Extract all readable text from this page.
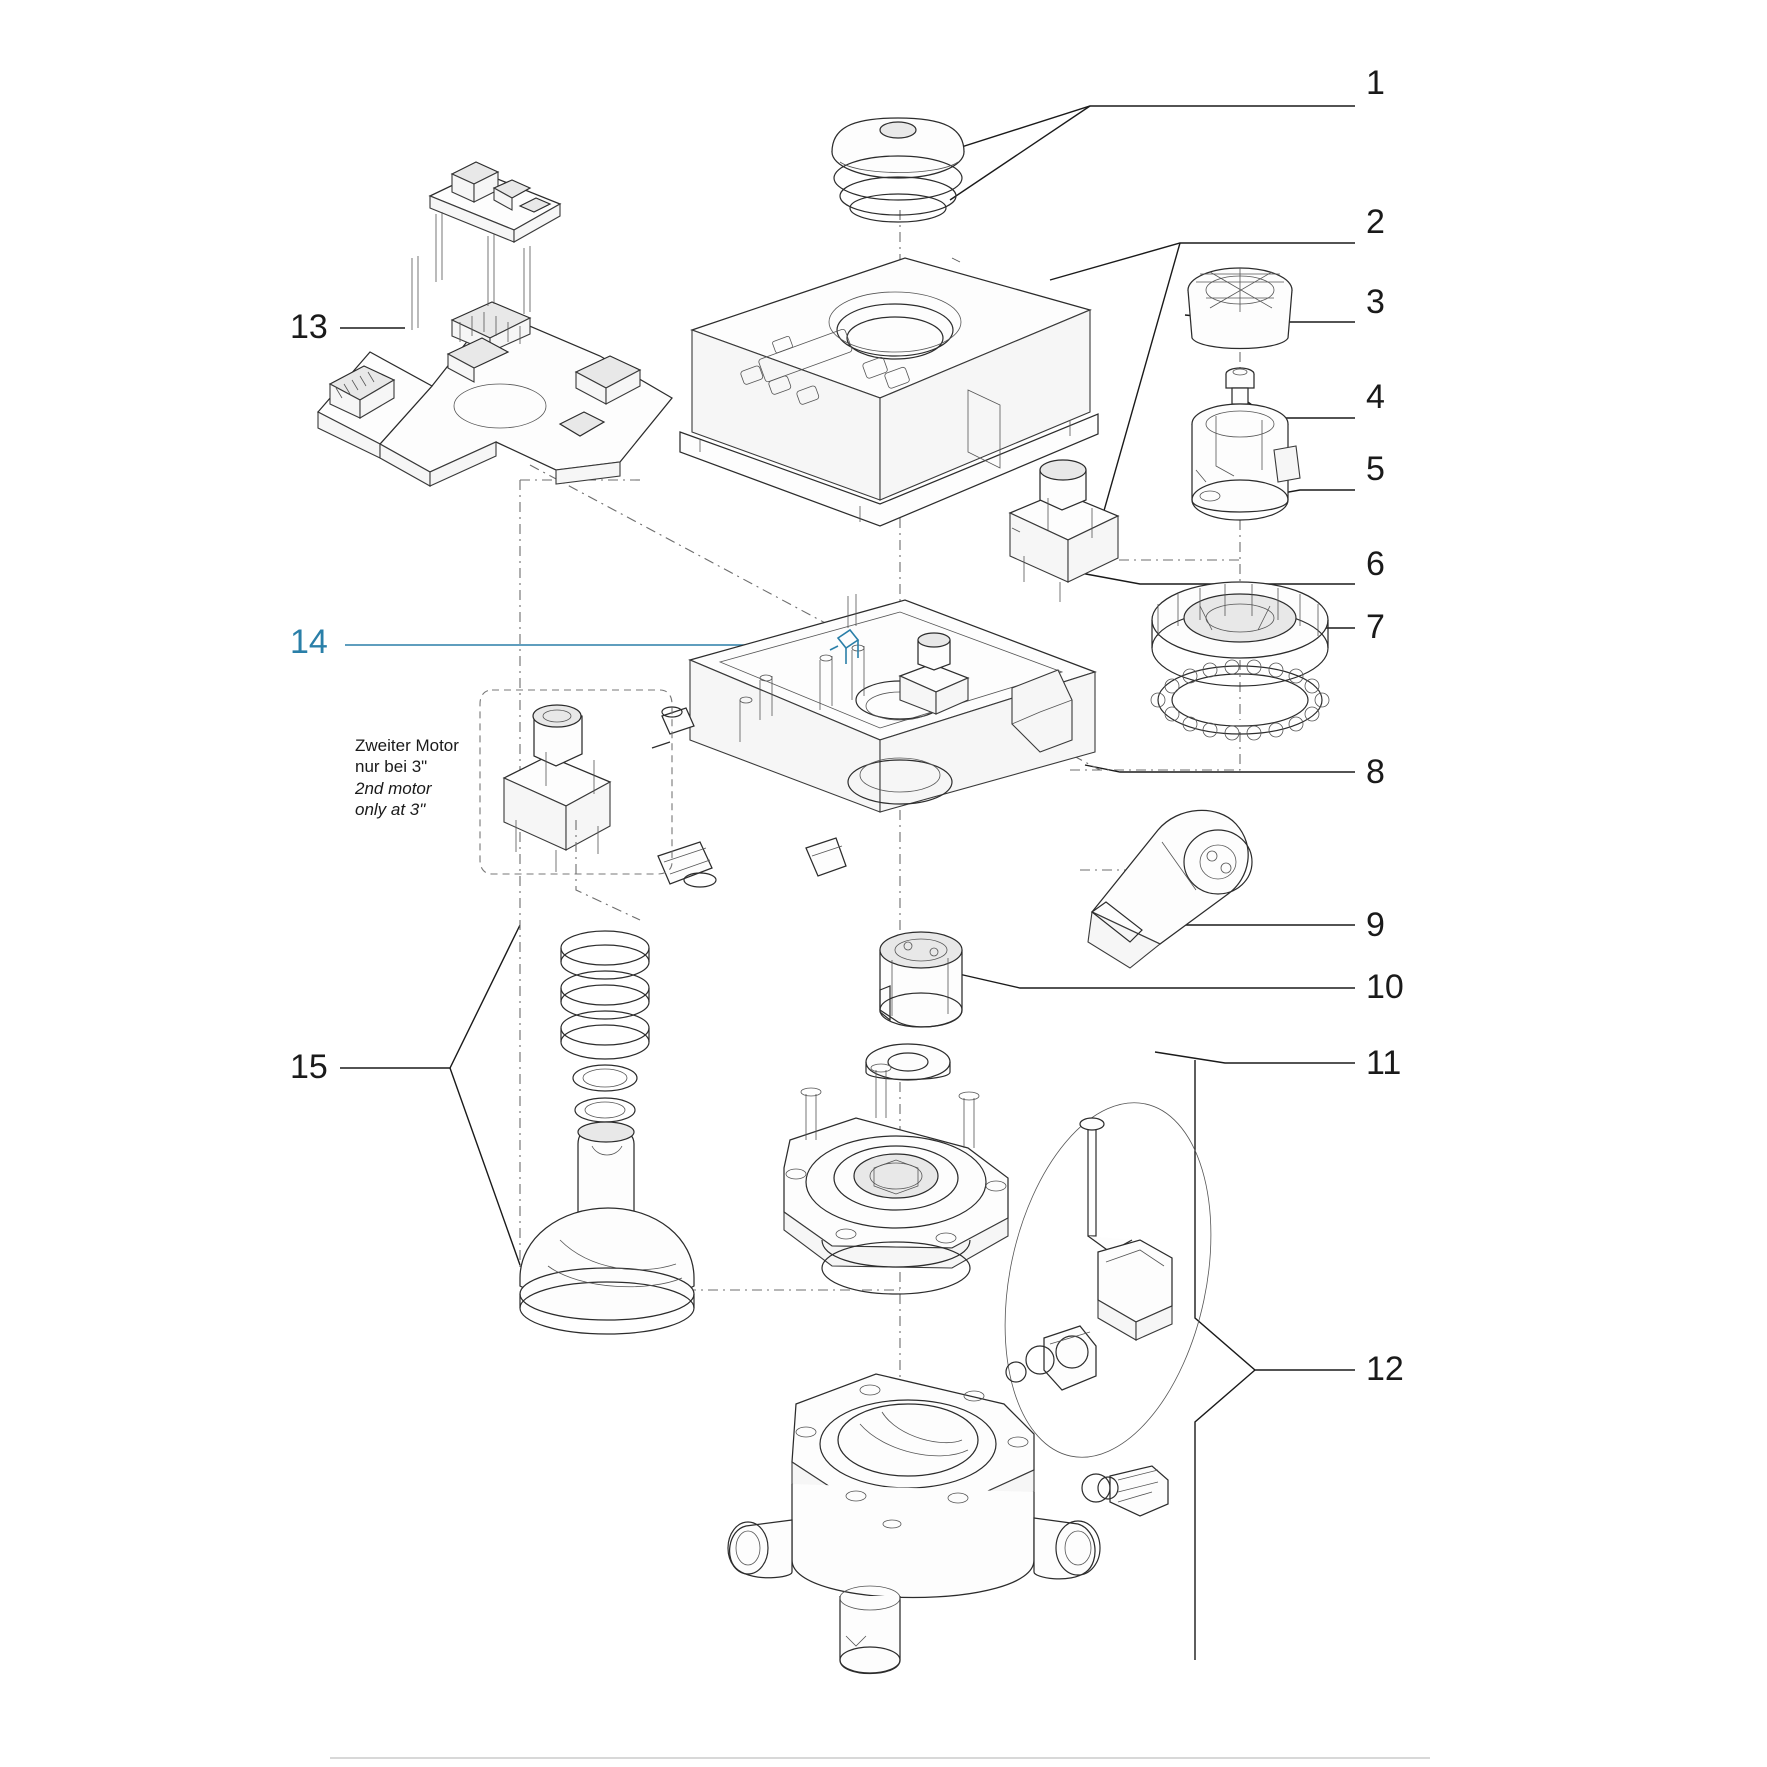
1
2
3
4
5
6
7
8
9
10
11
12
13
14
15
Zweiter Motor
nur bei 3"
2nd motor
only at 3"
